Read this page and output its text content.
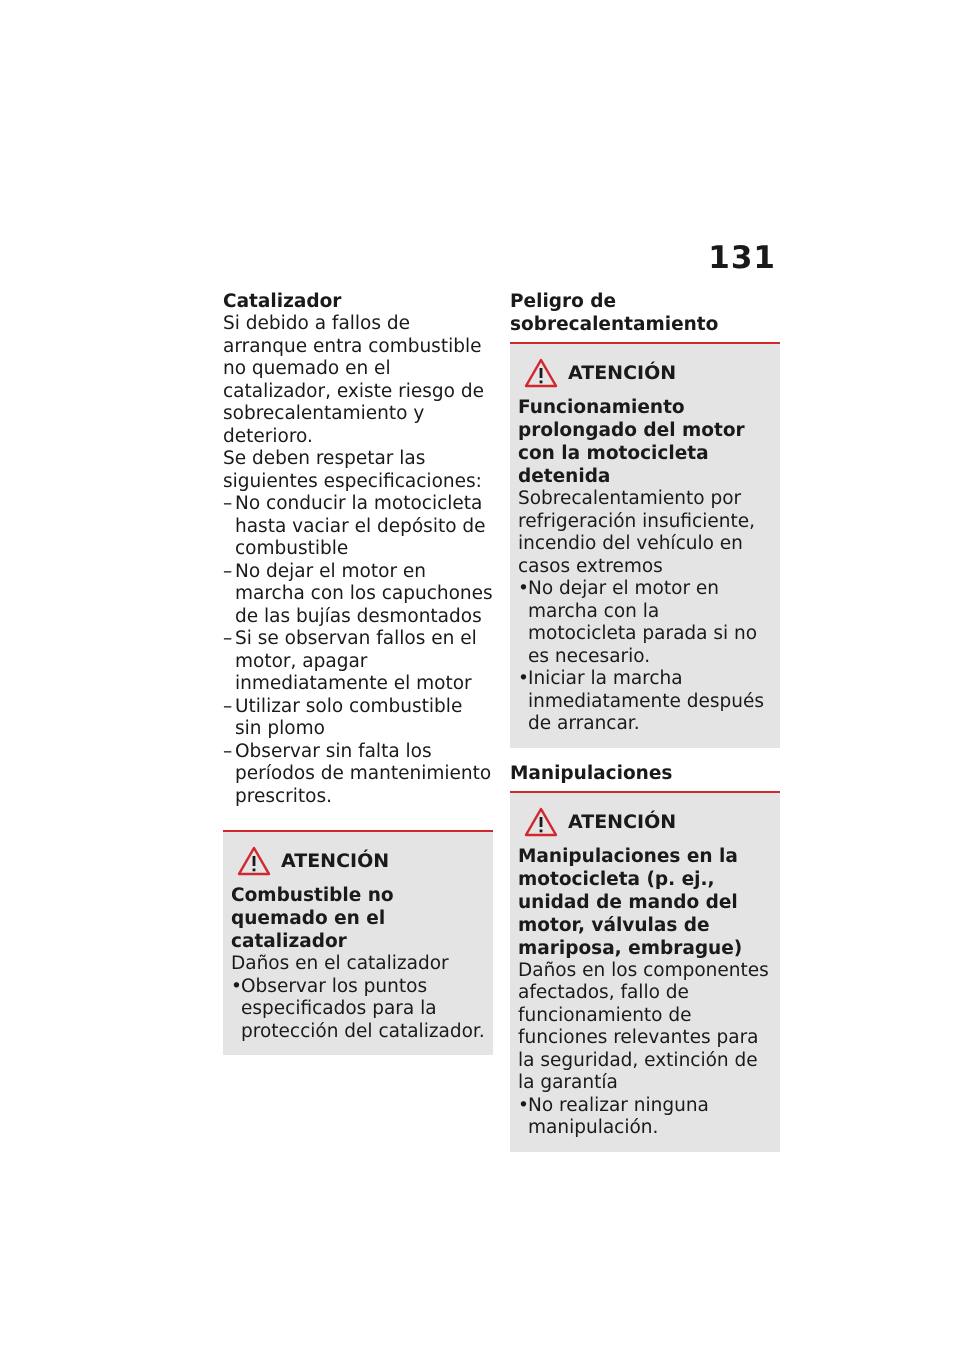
131
Catalizador

Si debido a fallos de arranque entra combustible no quemado en el catalizador, existe riesgo de sobrecalentamiento y deterioro.

Se deben respetar las siguientes especificaciones:

– No conducir la motocicleta hasta vaciar el depósito de combustible
– No dejar el motor en marcha con los capuchones de las bujías desmontados
– Si se observan fallos en el motor, apagar inmediatamente el motor
– Utilizar solo combustible sin plomo
– Observar sin falta los períodos de mantenimiento prescritos.
ATENCIÓN

Combustible no quemado en el catalizador

Daños en el catalizador

•Observar los puntos especificados para la protección del catalizador.
Peligro de sobrecalentamiento
ATENCIÓN

Funcionamiento prolongado del motor con la motocicleta detenida

Sobrecalentamiento por refrigeración insuficiente, incendio del vehículo en casos extremos

•No dejar el motor en marcha con la motocicleta parada si no es necesario.
•Iniciar la marcha inmediatamente después de arrancar.
Manipulaciones
ATENCIÓN

Manipulaciones en la motocicleta (p. ej., unidad de mando del motor, válvulas de mariposa, embrague)

Daños en los componentes afectados, fallo de funcionamiento de funciones relevantes para la seguridad, extinción de la garantía

•No realizar ninguna manipulación.
